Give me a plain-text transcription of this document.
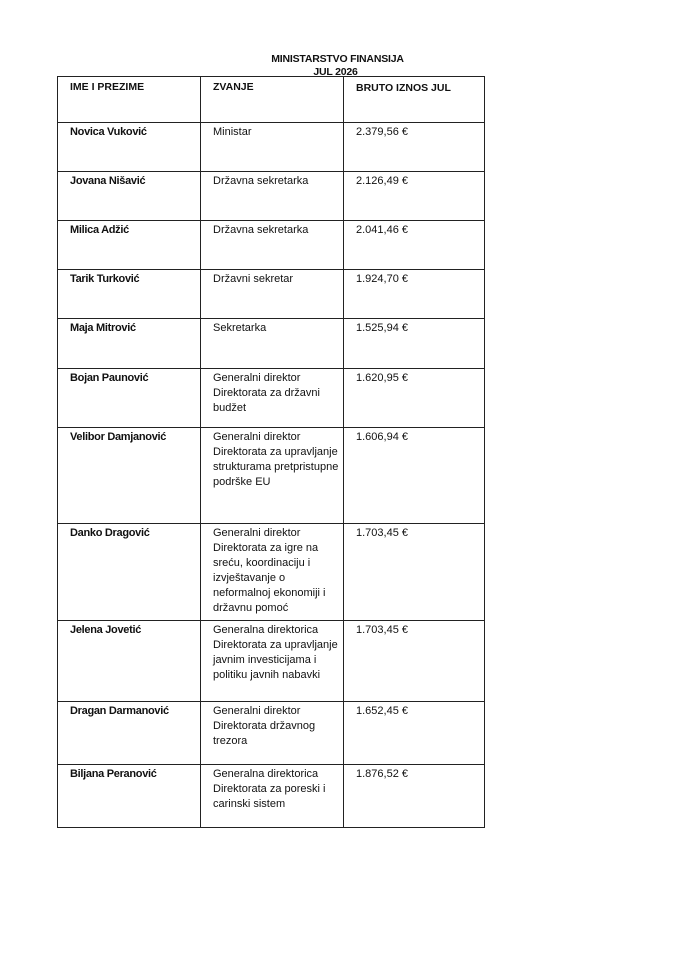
MINISTARSTVO FINANSIJA
JUL 2026
IME I PREZIME	ZVANJE	BRUTO IZNOS JUL
Novica Vuković	Ministar	2.379,56 €
Jovana Nišavić	Državna sekretarka	2.126,49 €
Milica Adžić	Državna sekretarka	2.041,46 €
Tarik Turković	Državni sekretar	1.924,70 €
Maja Mitrović	Sekretarka	1.525,94 €
Bojan Paunović	Generalni direktor Direktorata za državni budžet	1.620,95 €
Velibor Damjanović	Generalni direktor Direktorata za upravljanje strukturama pretpristupne podrške EU	1.606,94 €
Danko Dragović	Generalni direktor Direktorata za igre na sreću, koordinaciju i izvještavanje o neformalnoj ekonomiji i državnu pomoć	1.703,45 €
Jelena Jovetić	Generalna direktorica Direktorata za upravljanje javnim investicijama i politiku javnih nabavki	1.703,45 €
Dragan Darmanović	Generalni direktor Direktorata državnog trezora	1.652,45 €
Biljana Peranović	Generalna direktorica Direktorata za poreski i carinski sistem	1.876,52 €
